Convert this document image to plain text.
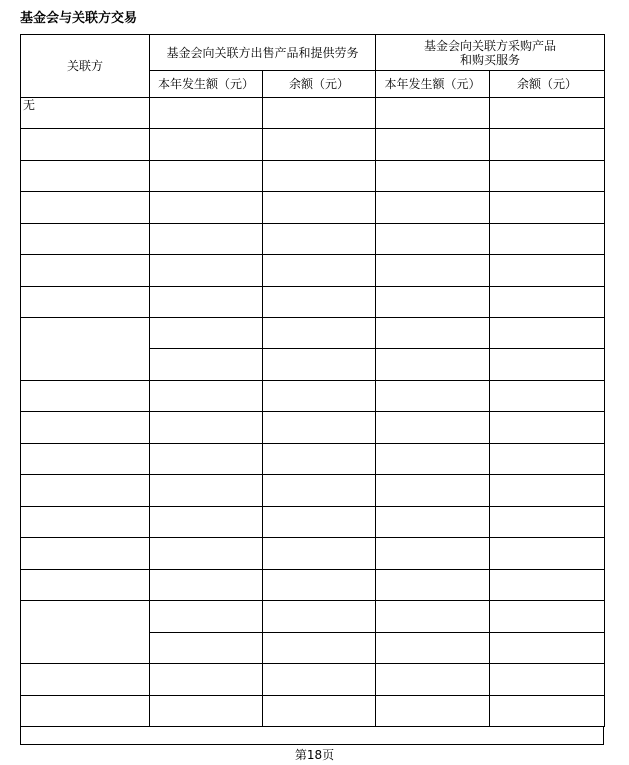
基金会与关联方交易
关联方	基金会向关联方出售产品和提供劳务		基金会向关联方采购产品
和购买服务	
	本年发生额（元）	余额（元）	本年发生额（元）	余额（元）
无				

第18页
